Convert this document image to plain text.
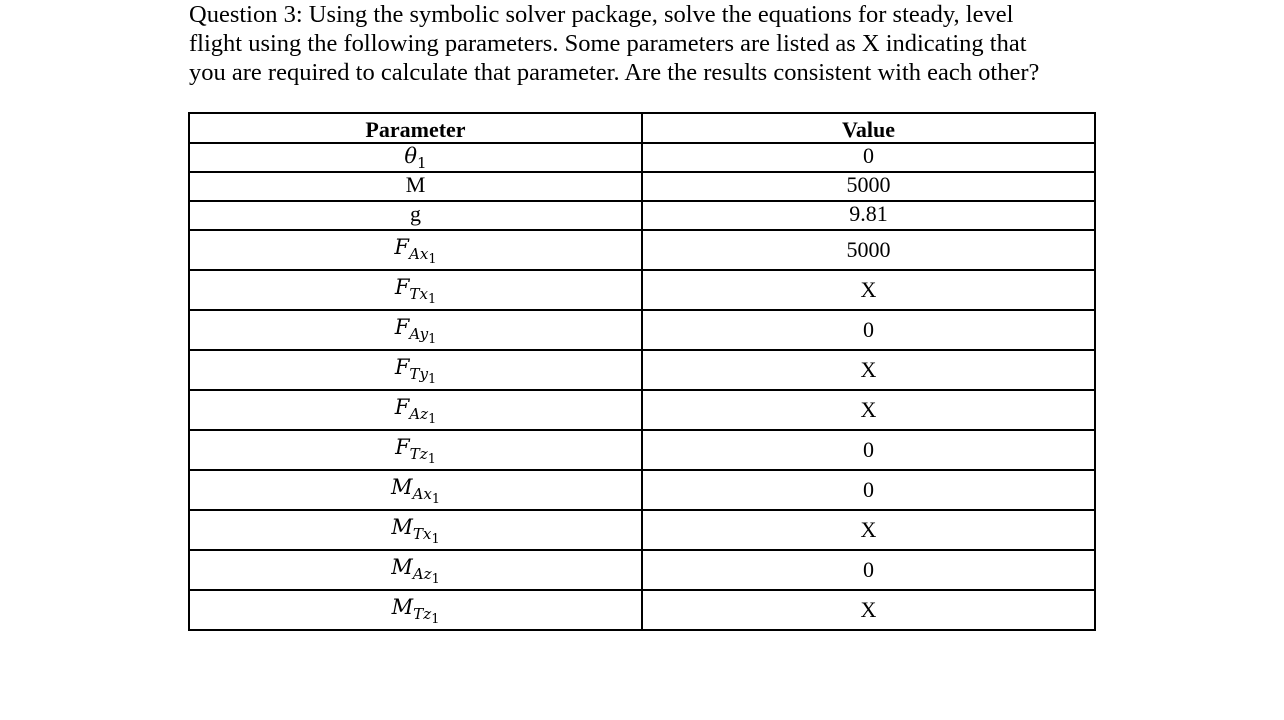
Question 3: Using the symbolic solver package, solve the equations for steady, level
flight using the following parameters. Some parameters are listed as X indicating that
you are required to calculate that parameter. Are the results consistent with each other?

Parameter	Value
$\theta_1$	0
M	5000
g	9.81
$F_{Ax_1}$	5000
$F_{Tx_1}$	X
$F_{Ay_1}$	0
$F_{Ty_1}$	X
$F_{Az_1}$	X
$F_{Tz_1}$	0
$M_{Ax_1}$	0
$M_{Tx_1}$	X
$M_{Az_1}$	0
$M_{Tz_1}$	X
